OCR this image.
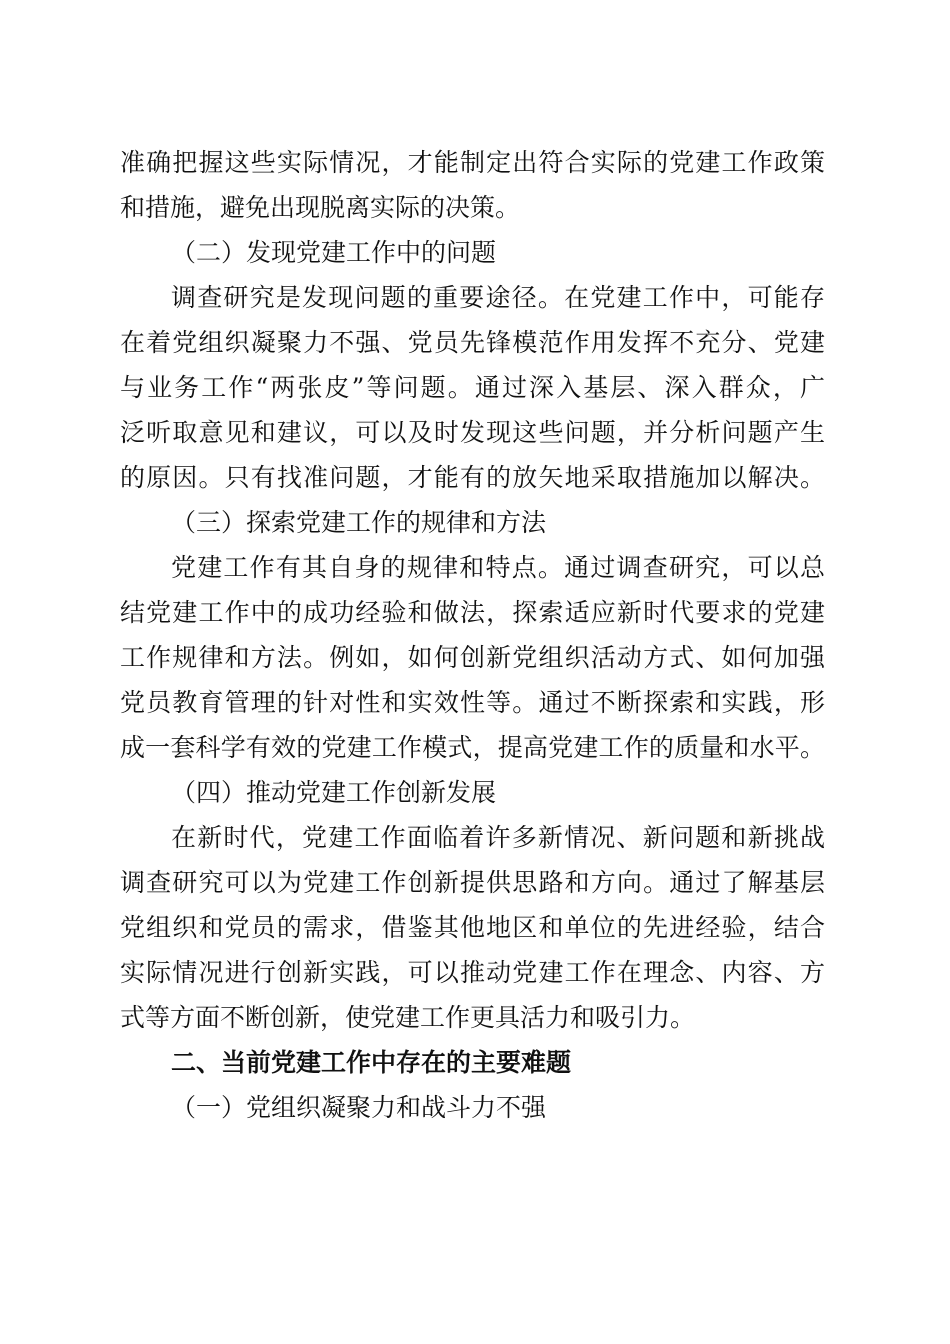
准确把握这些实际情况，才能制定出符合实际的党建工作政策
和措施，避免出现脱离实际的决策。
（二）发现党建工作中的问题
调查研究是发现问题的重要途径。在党建工作中，可能存
在着党组织凝聚力不强、党员先锋模范作用发挥不充分、党建
与业务工作“两张皮”等问题。通过深入基层、深入群众，广
泛听取意见和建议，可以及时发现这些问题，并分析问题产生
的原因。只有找准问题，才能有的放矢地采取措施加以解决。
（三）探索党建工作的规律和方法
党建工作有其自身的规律和特点。通过调查研究，可以总
结党建工作中的成功经验和做法，探索适应新时代要求的党建
工作规律和方法。例如，如何创新党组织活动方式、如何加强
党员教育管理的针对性和实效性等。通过不断探索和实践，形
成一套科学有效的党建工作模式，提高党建工作的质量和水平。
（四）推动党建工作创新发展
在新时代，党建工作面临着许多新情况、新问题和新挑战
调查研究可以为党建工作创新提供思路和方向。通过了解基层
党组织和党员的需求，借鉴其他地区和单位的先进经验，结合
实际情况进行创新实践，可以推动党建工作在理念、内容、方
式等方面不断创新，使党建工作更具活力和吸引力。
二、当前党建工作中存在的主要难题
（一）党组织凝聚力和战斗力不强
